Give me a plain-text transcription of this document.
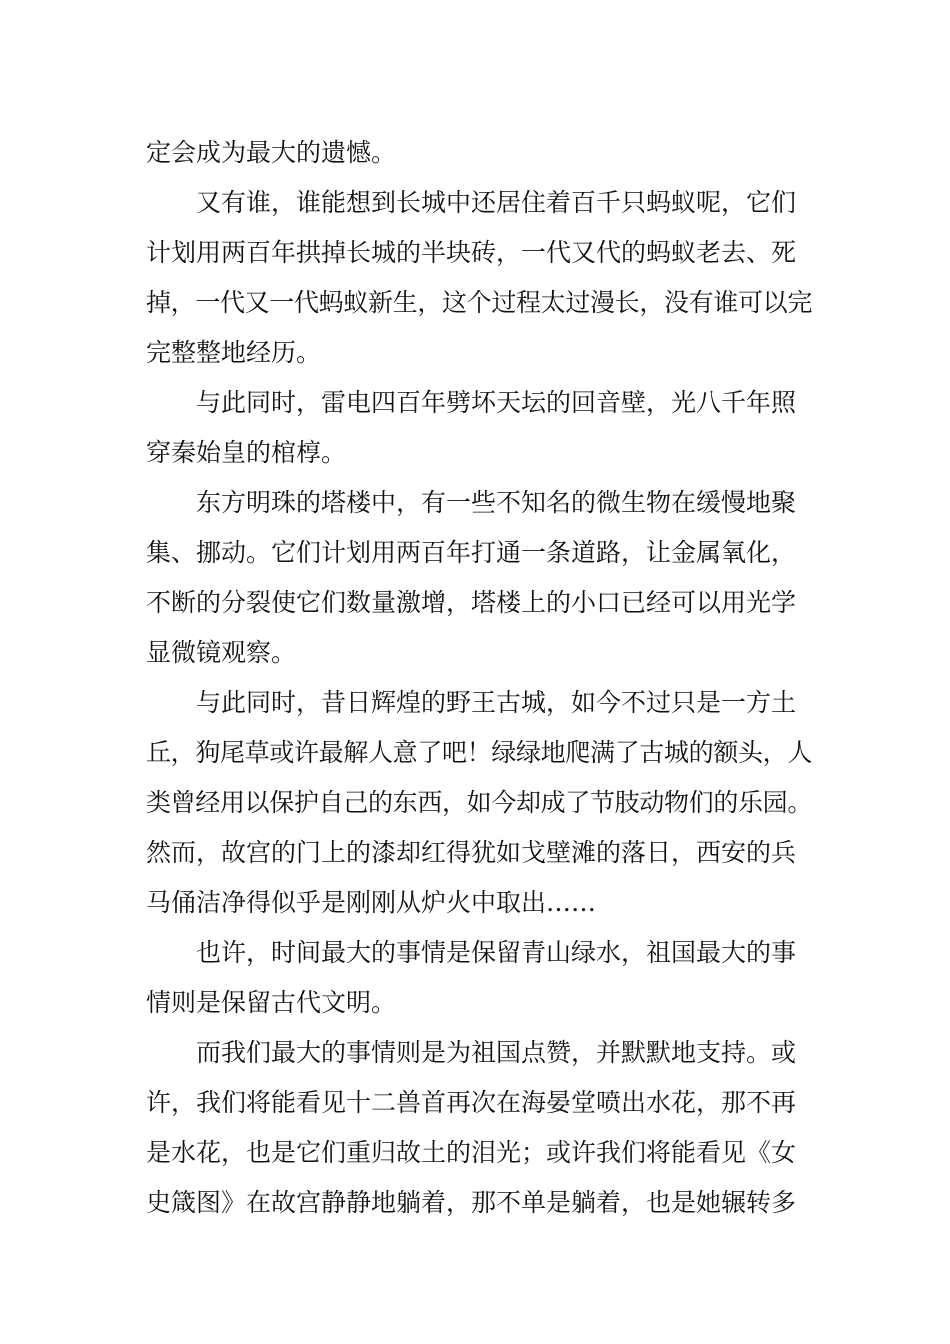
定会成为最大的遗憾。
又有谁，谁能想到长城中还居住着百千只蚂蚁呢，它们
计划用两百年拱掉长城的半块砖，一代又代的蚂蚁老去、死
掉，一代又一代蚂蚁新生，这个过程太过漫长，没有谁可以完
完整整地经历。
与此同时，雷电四百年劈坏天坛的回音壁，光八千年照
穿秦始皇的棺椁。
东方明珠的塔楼中，有一些不知名的微生物在缓慢地聚
集、挪动。它们计划用两百年打通一条道路，让金属氧化，
不断的分裂使它们数量激增，塔楼上的小口已经可以用光学
显微镜观察。
与此同时，昔日辉煌的野王古城，如今不过只是一方土
丘，狗尾草或许最解人意了吧！绿绿地爬满了古城的额头，人
类曾经用以保护自己的东西，如今却成了节肢动物们的乐园。
然而，故宫的门上的漆却红得犹如戈壁滩的落日，西安的兵
马俑洁净得似乎是刚刚从炉火中取出……
也许，时间最大的事情是保留青山绿水，祖国最大的事
情则是保留古代文明。
而我们最大的事情则是为祖国点赞，并默默地支持。或
许，我们将能看见十二兽首再次在海晏堂喷出水花，那不再
是水花，也是它们重归故土的泪光；或许我们将能看见《女
史箴图》在故宫静静地躺着，那不单是躺着，也是她辗转多
